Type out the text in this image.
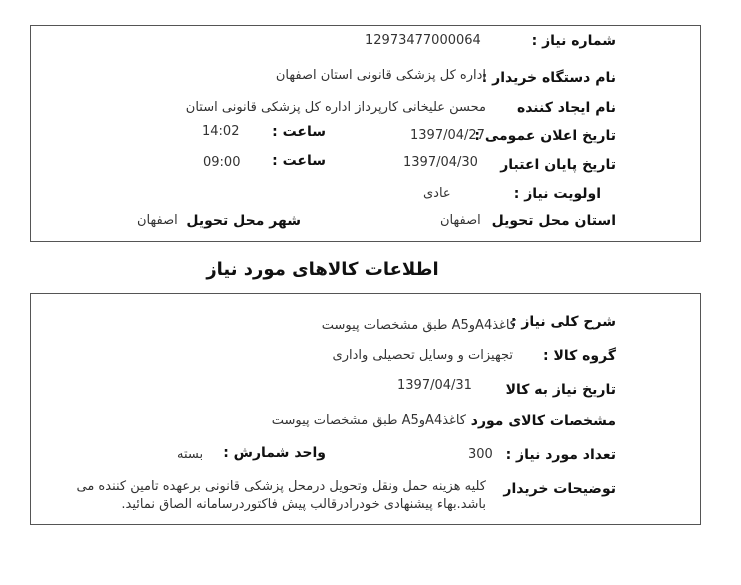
شماره نیاز :
12973477000064
نام دستگاه خریدار :
اداره کل پزشکی قانونی استان اصفهان
نام ایجاد کننده
محسن علیخانی کارپرداز اداره کل پزشکی قانونی استان
تاریخ اعلان عمومی :
1397/04/27
ساعت :
14:02
تاریخ پایان اعتبار
1397/04/30
ساعت :
09:00
اولویت نیاز :
عادی
استان محل تحویل
اصفهان
شهر محل تحویل
اصفهان
اطلاعات کالاهای مورد نیاز
شرح کلی نیاز :
کاغذA4وA5 طبق مشخصات پیوست
گروه کالا :
تجهیزات و وسایل تحصیلی واداری
تاریخ نیاز به کالا
1397/04/31
مشخصات کالای مورد
کاغذA4وA5 طبق مشخصات پیوست
تعداد مورد نیاز :
300
واحد شمارش :
بسته
توضیحات خریدار
کلیه هزینه حمل ونقل وتحویل درمحل پزشکی قانونی برعهده تامین کننده می باشد.بهاء پیشنهادی خودرادرقالب پیش فاکتوردرسامانه الصاق نمائید.
